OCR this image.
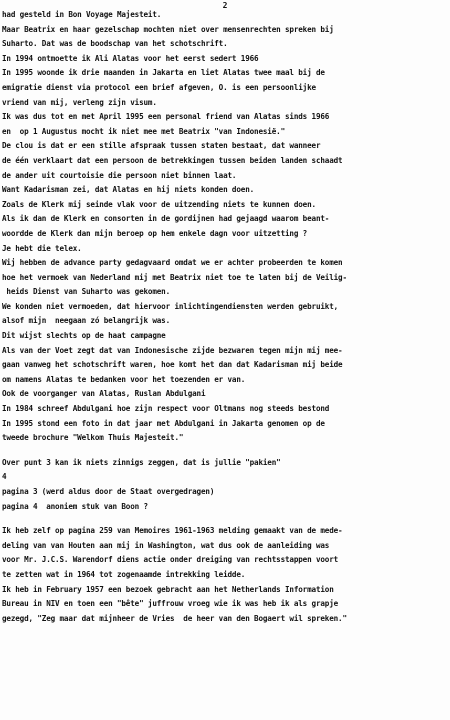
2
had gesteld in Bon Voyage Majesteit.
Maar Beatrix en haar gezelschap mochten niet over mensenrechten spreken bij
Suharto. Dat was de boodschap van het schotschrift.
In 1994 ontmoette ik Ali Alatas voor het eerst sedert 1966
In 1995 woonde ik drie maanden in Jakarta en liet Alatas twee maal bij de
emigratie dienst via protocol een brief afgeven, O. is een persoonlijke
vriend van mij, verleng zijn visum.
Ik was dus tot en met April 1995 een personal friend van Alatas sinds 1966
en  op 1 Augustus mocht ik niet mee met Beatrix "van Indonesië."
De clou is dat er een stille afspraak tussen staten bestaat, dat wanneer
de één verklaart dat een persoon de betrekkingen tussen beiden landen schaadt
de ander uit courtoisie die persoon niet binnen laat.
Want Kadarisman zei, dat Alatas en hij niets konden doen.
Zoals de Klerk mij seinde vlak voor de uitzending niets te kunnen doen.
Als ik dan de Klerk en consorten in de gordijnen had gejaagd waarom beant-
woordde de Klerk dan mijn beroep op hem enkele dagn voor uitzetting ?
Je hebt die telex.
Wij hebben de advance party gedagvaard omdat we er achter probeerden te komen
hoe het vermoek van Nederland mij met Beatrix niet toe te laten bij de Veilig-
heids Dienst van Suharto was gekomen.
We konden niet vermoeden, dat hiervoor inlichtingendiensten werden gebruikt,
alsof mijn  neegaan zó belangrijk was.
Dit wijst slechts op de haat campagne
Als van der Voet zegt dat van Indonesische zijde bezwaren tegen mijn mij mee-
gaan vanweg het schotschrift waren, hoe komt het dan dat Kadarisman mij beide
om namens Alatas te bedanken voor het toezenden er van.
Ook de voorganger van Alatas, Ruslan Abdulgani
In 1984 schreef Abdulgani hoe zijn respect voor Oltmans nog steeds bestond
In 1995 stond een foto in dat jaar met Abdulgani in Jakarta genomen op de
tweede brochure "Welkom Thuis Majesteit."
Over punt 3 kan ik niets zinnigs zeggen, dat is jullie "pakien"
4
pagina 3 (werd aldus door de Staat overgedragen)
pagina 4  anoniem stuk van Boon ?
Ik heb zelf op pagina 259 van Memoires 1961-1963 melding gemaakt van de mede-
deling van van Houten aan mij in Washington, wat dus ook de aanleiding was
voor Mr. J.C.S. Warendorf diens actie onder dreiging van rechtsstappen voort
te zetten wat in 1964 tot zogenaamde intrekking leidde.
Ik heb in February 1957 een bezoek gebracht aan het Netherlands Information
Bureau in NIV en toen een "bête" juffrouw vroeg wie ik was heb ik als grapje
gezegd, "Zeg maar dat mijnheer de Vries  de heer van den Bogaert wil spreken."
